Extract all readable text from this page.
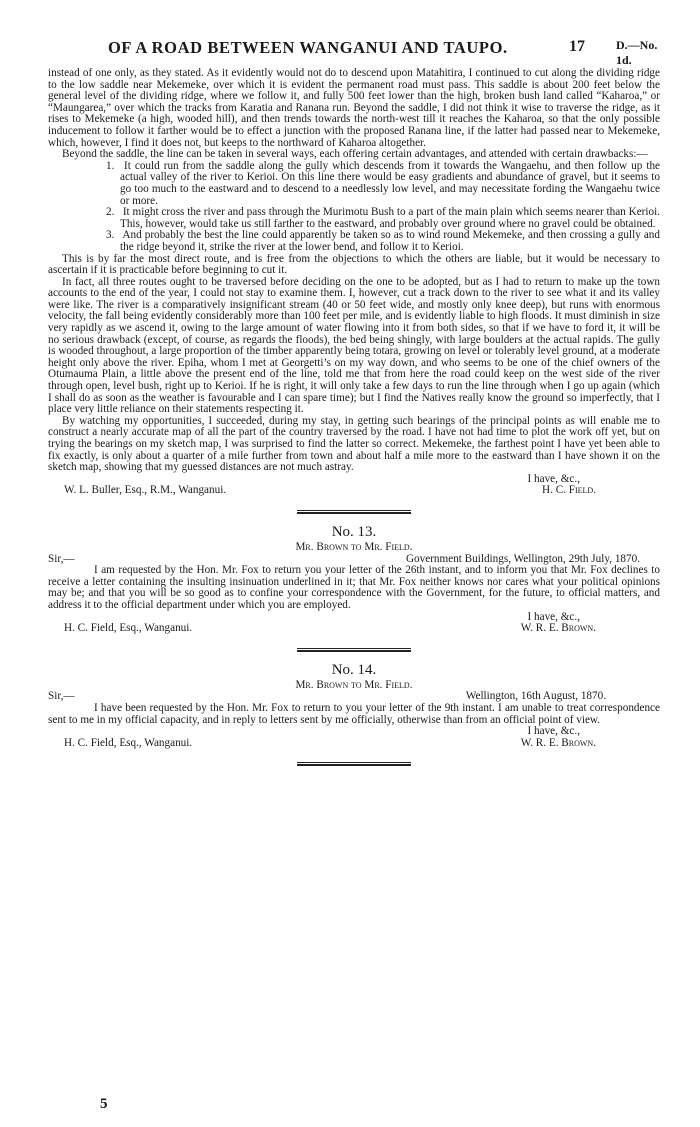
OF A ROAD BETWEEN WANGANUI AND TAUPO.	17	D.—No. 1d.

instead of one only, as they stated. As it evidently would not do to descend upon Matahitira, I continued to cut along the dividing ridge to the low saddle near Mekemeke, over which it is evident the permanent road must pass. This saddle is about 200 feet below the general level of the dividing ridge, where we follow it, and fully 500 feet lower than the high, broken bush land called “Kaharoa,” or “Maungarea,” over which the tracks from Karatia and Ranana run. Beyond the saddle, I did not think it wise to traverse the ridge, as it rises to Mekemeke (a high, wooded hill), and then trends towards the north-west till it reaches the Kaharoa, so that the only possible inducement to follow it farther would be to effect a junction with the proposed Ranana line, if the latter had passed near to Mekemeke, which, however, I find it does not, but keeps to the northward of Kaharoa altogether.

Beyond the saddle, the line can be taken in several ways, each offering certain advantages, and attended with certain drawbacks:—

1. It could run from the saddle along the gully which descends from it towards the Wangaehu, and then follow up the actual valley of the river to Kerioi. On this line there would be easy gradients and abundance of gravel, but it seems to go too much to the eastward and to descend to a needlessly low level, and may necessitate fording the Wangaehu twice or more.
2. It might cross the river and pass through the Murimotu Bush to a part of the main plain which seems nearer than Kerioi. This, however, would take us still farther to the eastward, and probably over ground where no gravel could be obtained.
3. And probably the best the line could apparently be taken so as to wind round Mekemeke, and then crossing a gully and the ridge beyond it, strike the river at the lower bend, and follow it to Kerioi.

This is by far the most direct route, and is free from the objections to which the others are liable, but it would be necessary to ascertain if it is practicable before beginning to cut it.

In fact, all three routes ought to be traversed before deciding on the one to be adopted, but as I had to return to make up the town accounts to the end of the year, I could not stay to examine them. I, however, cut a track down to the river to see what it and its valley were like. The river is a comparatively insignificant stream (40 or 50 feet wide, and mostly only knee deep), but runs with enormous velocity, the fall being evidently considerably more than 100 feet per mile, and is evidently liable to high floods. It must diminish in size very rapidly as we ascend it, owing to the large amount of water flowing into it from both sides, so that if we have to ford it, it will be no serious drawback (except, of course, as regards the floods), the bed being shingly, with large boulders at the actual rapids. The gully is wooded throughout, a large proportion of the timber apparently being totara, growing on level or tolerably level ground, at a moderate height only above the river. Epiha, whom I met at Georgetti’s on my way down, and who seems to be one of the chief owners of the Otumauma Plain, a little above the present end of the line, told me that from here the road could keep on the west side of the river through open, level bush, right up to Kerioi. If he is right, it will only take a few days to run the line through when I go up again (which I shall do as soon as the weather is favourable and I can spare time); but I find the Natives really know the ground so imperfectly, that I place very little reliance on their statements respecting it.

By watching my opportunities, I succeeded, during my stay, in getting such bearings of the principal points as will enable me to construct a nearly accurate map of all the part of the country traversed by the road. I have not had time to plot the work off yet, but on trying the bearings on my sketch map, I was surprised to find the latter so correct. Mekemeke, the farthest point I have yet been able to fix exactly, is only about a quarter of a mile further from town and about half a mile more to the eastward than I have shown it on the sketch map, showing that my guessed distances are not much astray.

I have, &c.,
W. L. Buller, Esq., R.M., Wanganui.	H. C. Field.
No. 13.
Mr. Brown to Mr. Field.
Sir,—	Government Buildings, Wellington, 29th July, 1870.

I am requested by the Hon. Mr. Fox to return you your letter of the 26th instant, and to inform you that Mr. Fox declines to receive a letter containing the insulting insinuation underlined in it; that Mr. Fox neither knows nor cares what your political opinions may be; and that you will be so good as to confine your correspondence with the Government, for the future, to official matters, and address it to the official department under which you are employed.

I have, &c.,
H. C. Field, Esq., Wanganui.	W. R. E. Brown.
No. 14.
Mr. Brown to Mr. Field.
Sir,—	Wellington, 16th August, 1870.

I have been requested by the Hon. Mr. Fox to return to you your letter of the 9th instant. I am unable to treat correspondence sent to me in my official capacity, and in reply to letters sent by me officially, otherwise than from an official point of view.

I have, &c.,
H. C. Field, Esq., Wanganui.	W. R. E. Brown.
5
